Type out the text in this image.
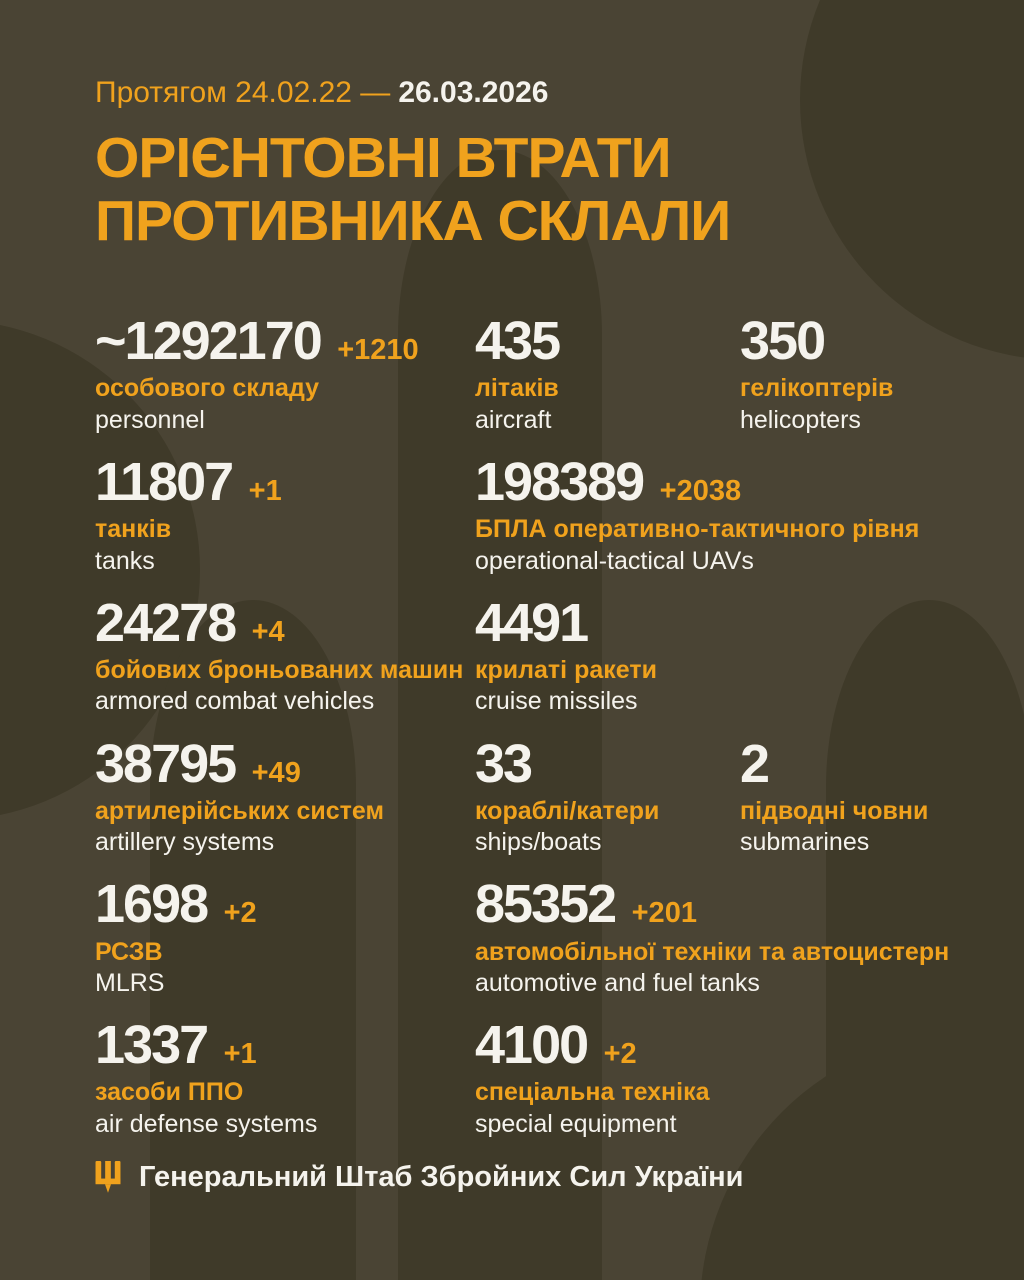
Протягом 24.02.22 — 26.03.2026
ОРІЄНТОВНІ ВТРАТИ
ПРОТИВНИКА СКЛАЛИ
~1292170 +1210
особового складу
personnel
435
літаків
aircraft
350
гелікоптерів
helicopters
11807 +1
танків
tanks
198389 +2038
БПЛА оперативно-тактичного рівня
operational-tactical UAVs
24278 +4
бойових броньованих машин
armored combat vehicles
4491
крилаті ракети
cruise missiles
38795 +49
артилерійських систем
artillery systems
33
кораблі/катери
ships/boats
2
підводні човни
submarines
1698 +2
РСЗВ
MLRS
85352 +201
автомобільної техніки та автоцистерн
automotive and fuel tanks
1337 +1
засоби ППО
air defense systems
4100 +2
спеціальна техніка
special equipment
Генеральний Штаб Збройних Сил України
